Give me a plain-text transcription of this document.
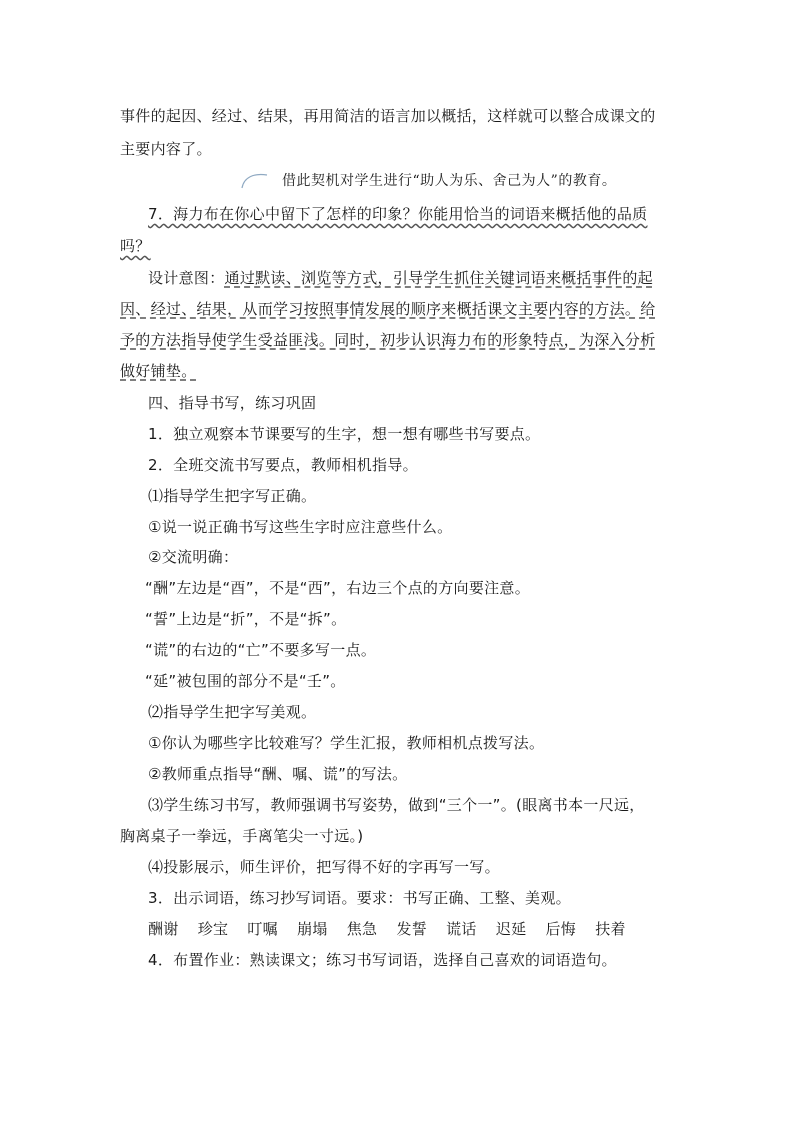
事件的起因、经过、结果，再用简洁的语言加以概括，这样就可以整合成课文的
主要内容了。
借此契机对学生进行“助人为乐、舍己为人”的教育。
7．海力布在你心中留下了怎样的印象？你能用恰当的词语来概括他的品质
吗？
设计意图：通过默读、浏览等方式，引导学生抓住关键词语来概括事件的起
因、经过、结果，从而学习按照事情发展的顺序来概括课文主要内容的方法。给
予的方法指导使学生受益匪浅。同时，初步认识海力布的形象特点，为深入分析
做好铺垫。
四、指导书写，练习巩固
1．独立观察本节课要写的生字，想一想有哪些书写要点。
2．全班交流书写要点，教师相机指导。
⑴指导学生把字写正确。
①说一说正确书写这些生字时应注意些什么。
②交流明确：
“酬”左边是“酉”，不是“西”，右边三个点的方向要注意。
“誓”上边是“折”，不是“拆”。
“谎”的右边的“亡”不要多写一点。
“延”被包围的部分不是“壬”。
⑵指导学生把字写美观。
①你认为哪些字比较难写？学生汇报，教师相机点拨写法。
②教师重点指导“酬、嘱、谎”的写法。
⑶学生练习书写，教师强调书写姿势，做到“三个一”。(眼离书本一尺远，
胸离桌子一拳远，手离笔尖一寸远。)
⑷投影展示，师生评价，把写得不好的字再写一写。
3．出示词语，练习抄写词语。要求：书写正确、工整、美观。
酬谢 珍宝 叮嘱 崩塌 焦急 发誓 谎话 迟延 后悔 扶着
4．布置作业：熟读课文；练习书写词语，选择自己喜欢的词语造句。
